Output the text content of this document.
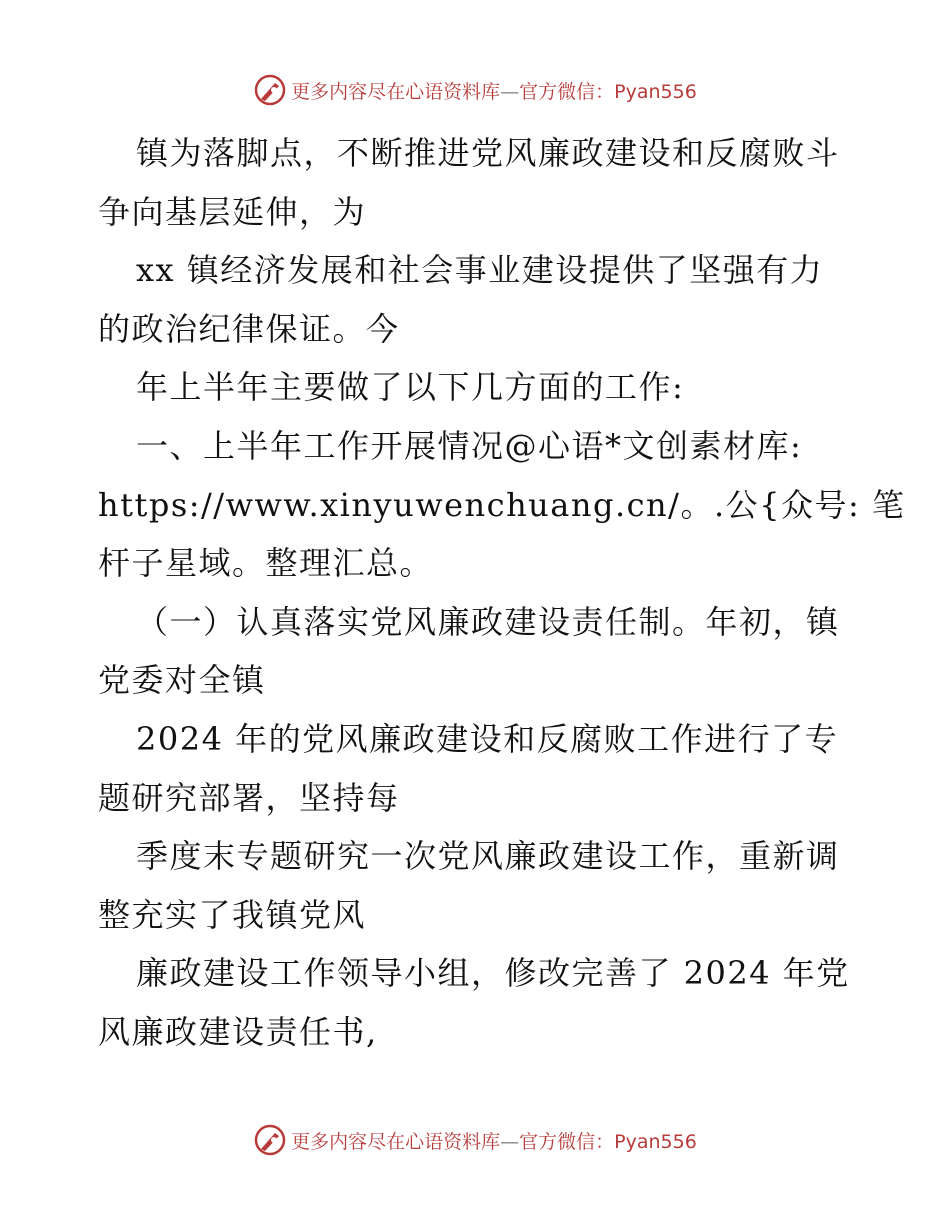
更多内容尽在心语资料库—官方微信：Pyan556
镇为落脚点，不断推进党风廉政建设和反腐败斗
争向基层延伸，为
xx 镇经济发展和社会事业建设提供了坚强有力
的政治纪律保证。今
年上半年主要做了以下几方面的工作:
一、上半年工作开展情况@心语*文创素材库:
https://www.xinyuwenchuang.cn/。.公{众号: 笔
杆子星域。整理汇总。
（一）认真落实党风廉政建设责任制。年初，镇
党委对全镇
2024 年的党风廉政建设和反腐败工作进行了专
题研究部署，坚持每
季度末专题研究一次党风廉政建设工作，重新调
整充实了我镇党风
廉政建设工作领导小组，修改完善了 2024 年党
风廉政建设责任书,
更多内容尽在心语资料库—官方微信：Pyan556
